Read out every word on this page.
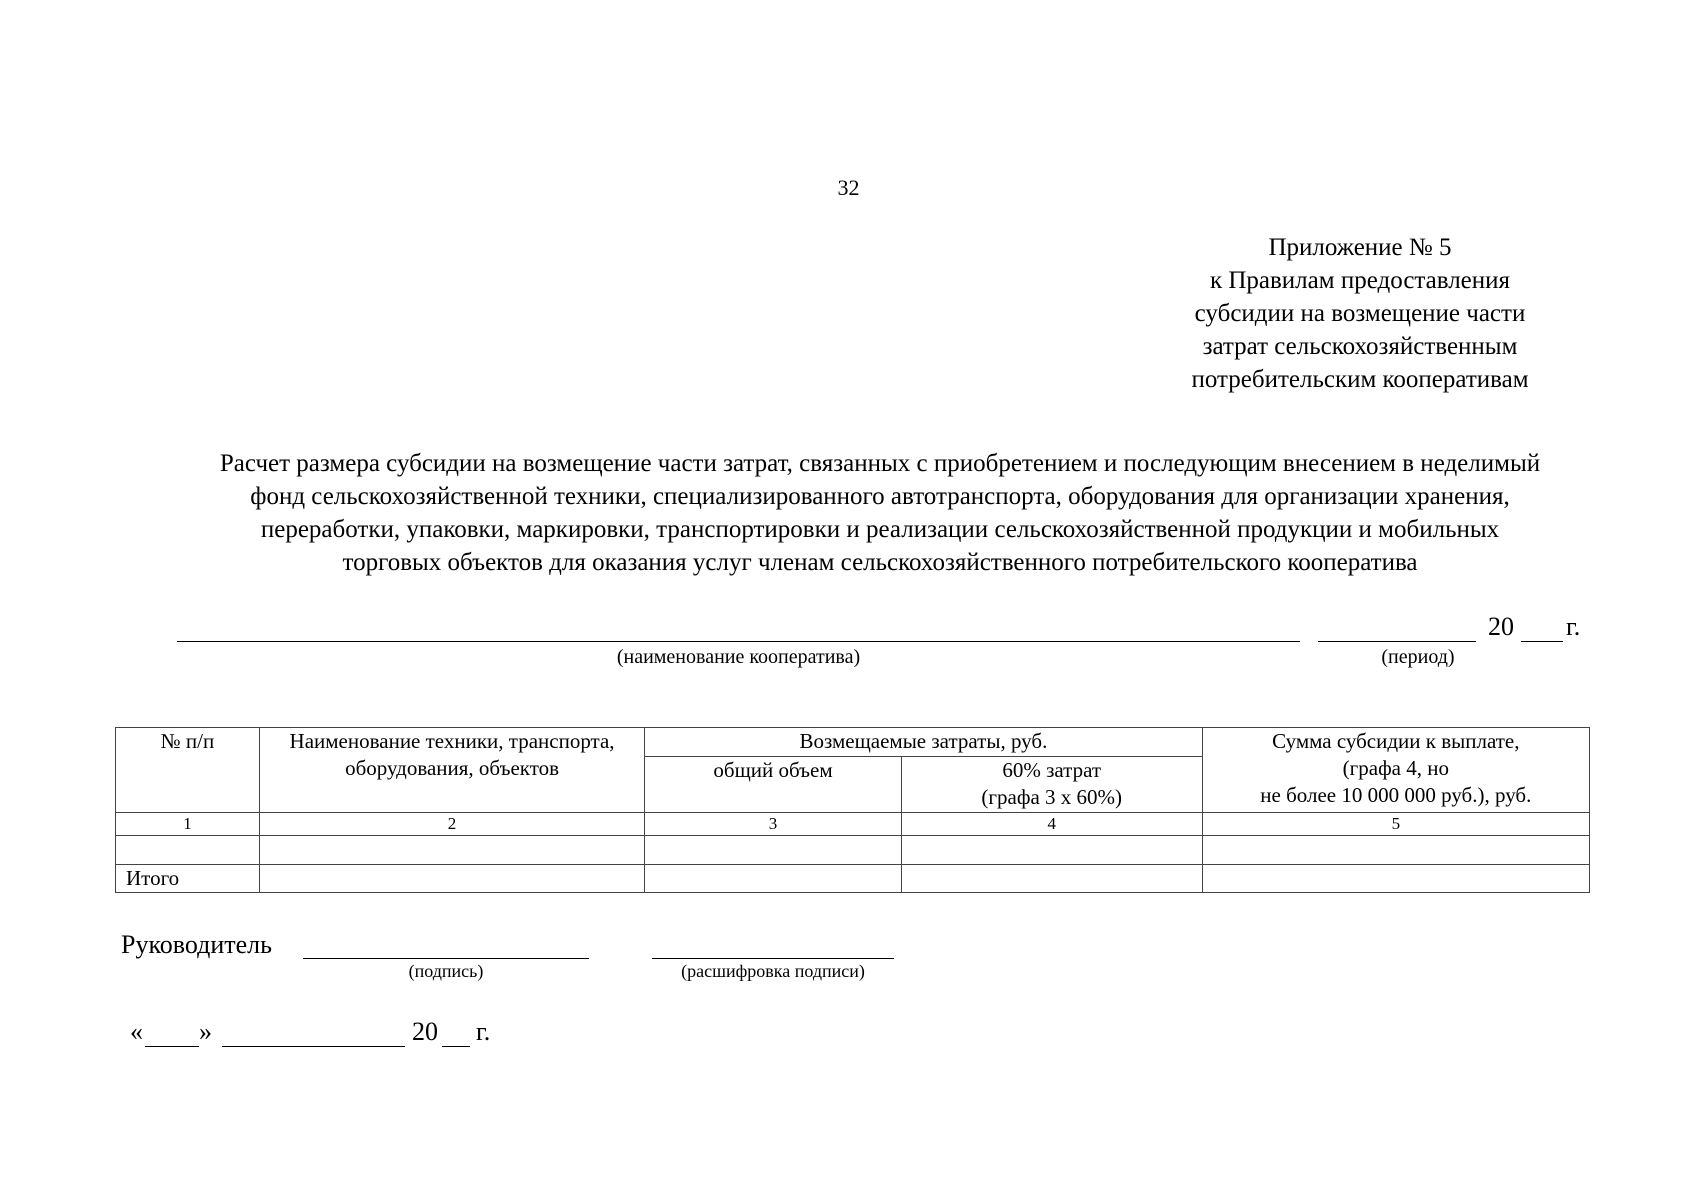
32
Приложение № 5
к Правилам предоставления
субсидии на возмещение части
затрат сельскохозяйственным
потребительским кооперативам
Расчет размера субсидии на возмещение части затрат, связанных с приобретением и последующим внесением в неделимый
фонд сельскохозяйственной техники, специализированного автотранспорта, оборудования для организации хранения,
переработки, упаковки, маркировки, транспортировки и реализации сельскохозяйственной продукции и мобильных
торговых объектов для оказания услуг членам сельскохозяйственного потребительского кооператива
(наименование кооператива)
20 г.
(период)
№ п/п	Наименование техники, транспорта, оборудования, объектов	Возмещаемые затраты, руб.		Сумма субсидии к выплате,
(графа 4, но
не более 10 000 000 руб.), руб.

		общий объем	60% затрат
(графа 3 х 60%)	

1	2	3	4	5

Итого				
Руководитель
(подпись)	(расшифровка подписи)
« »	20 г.
